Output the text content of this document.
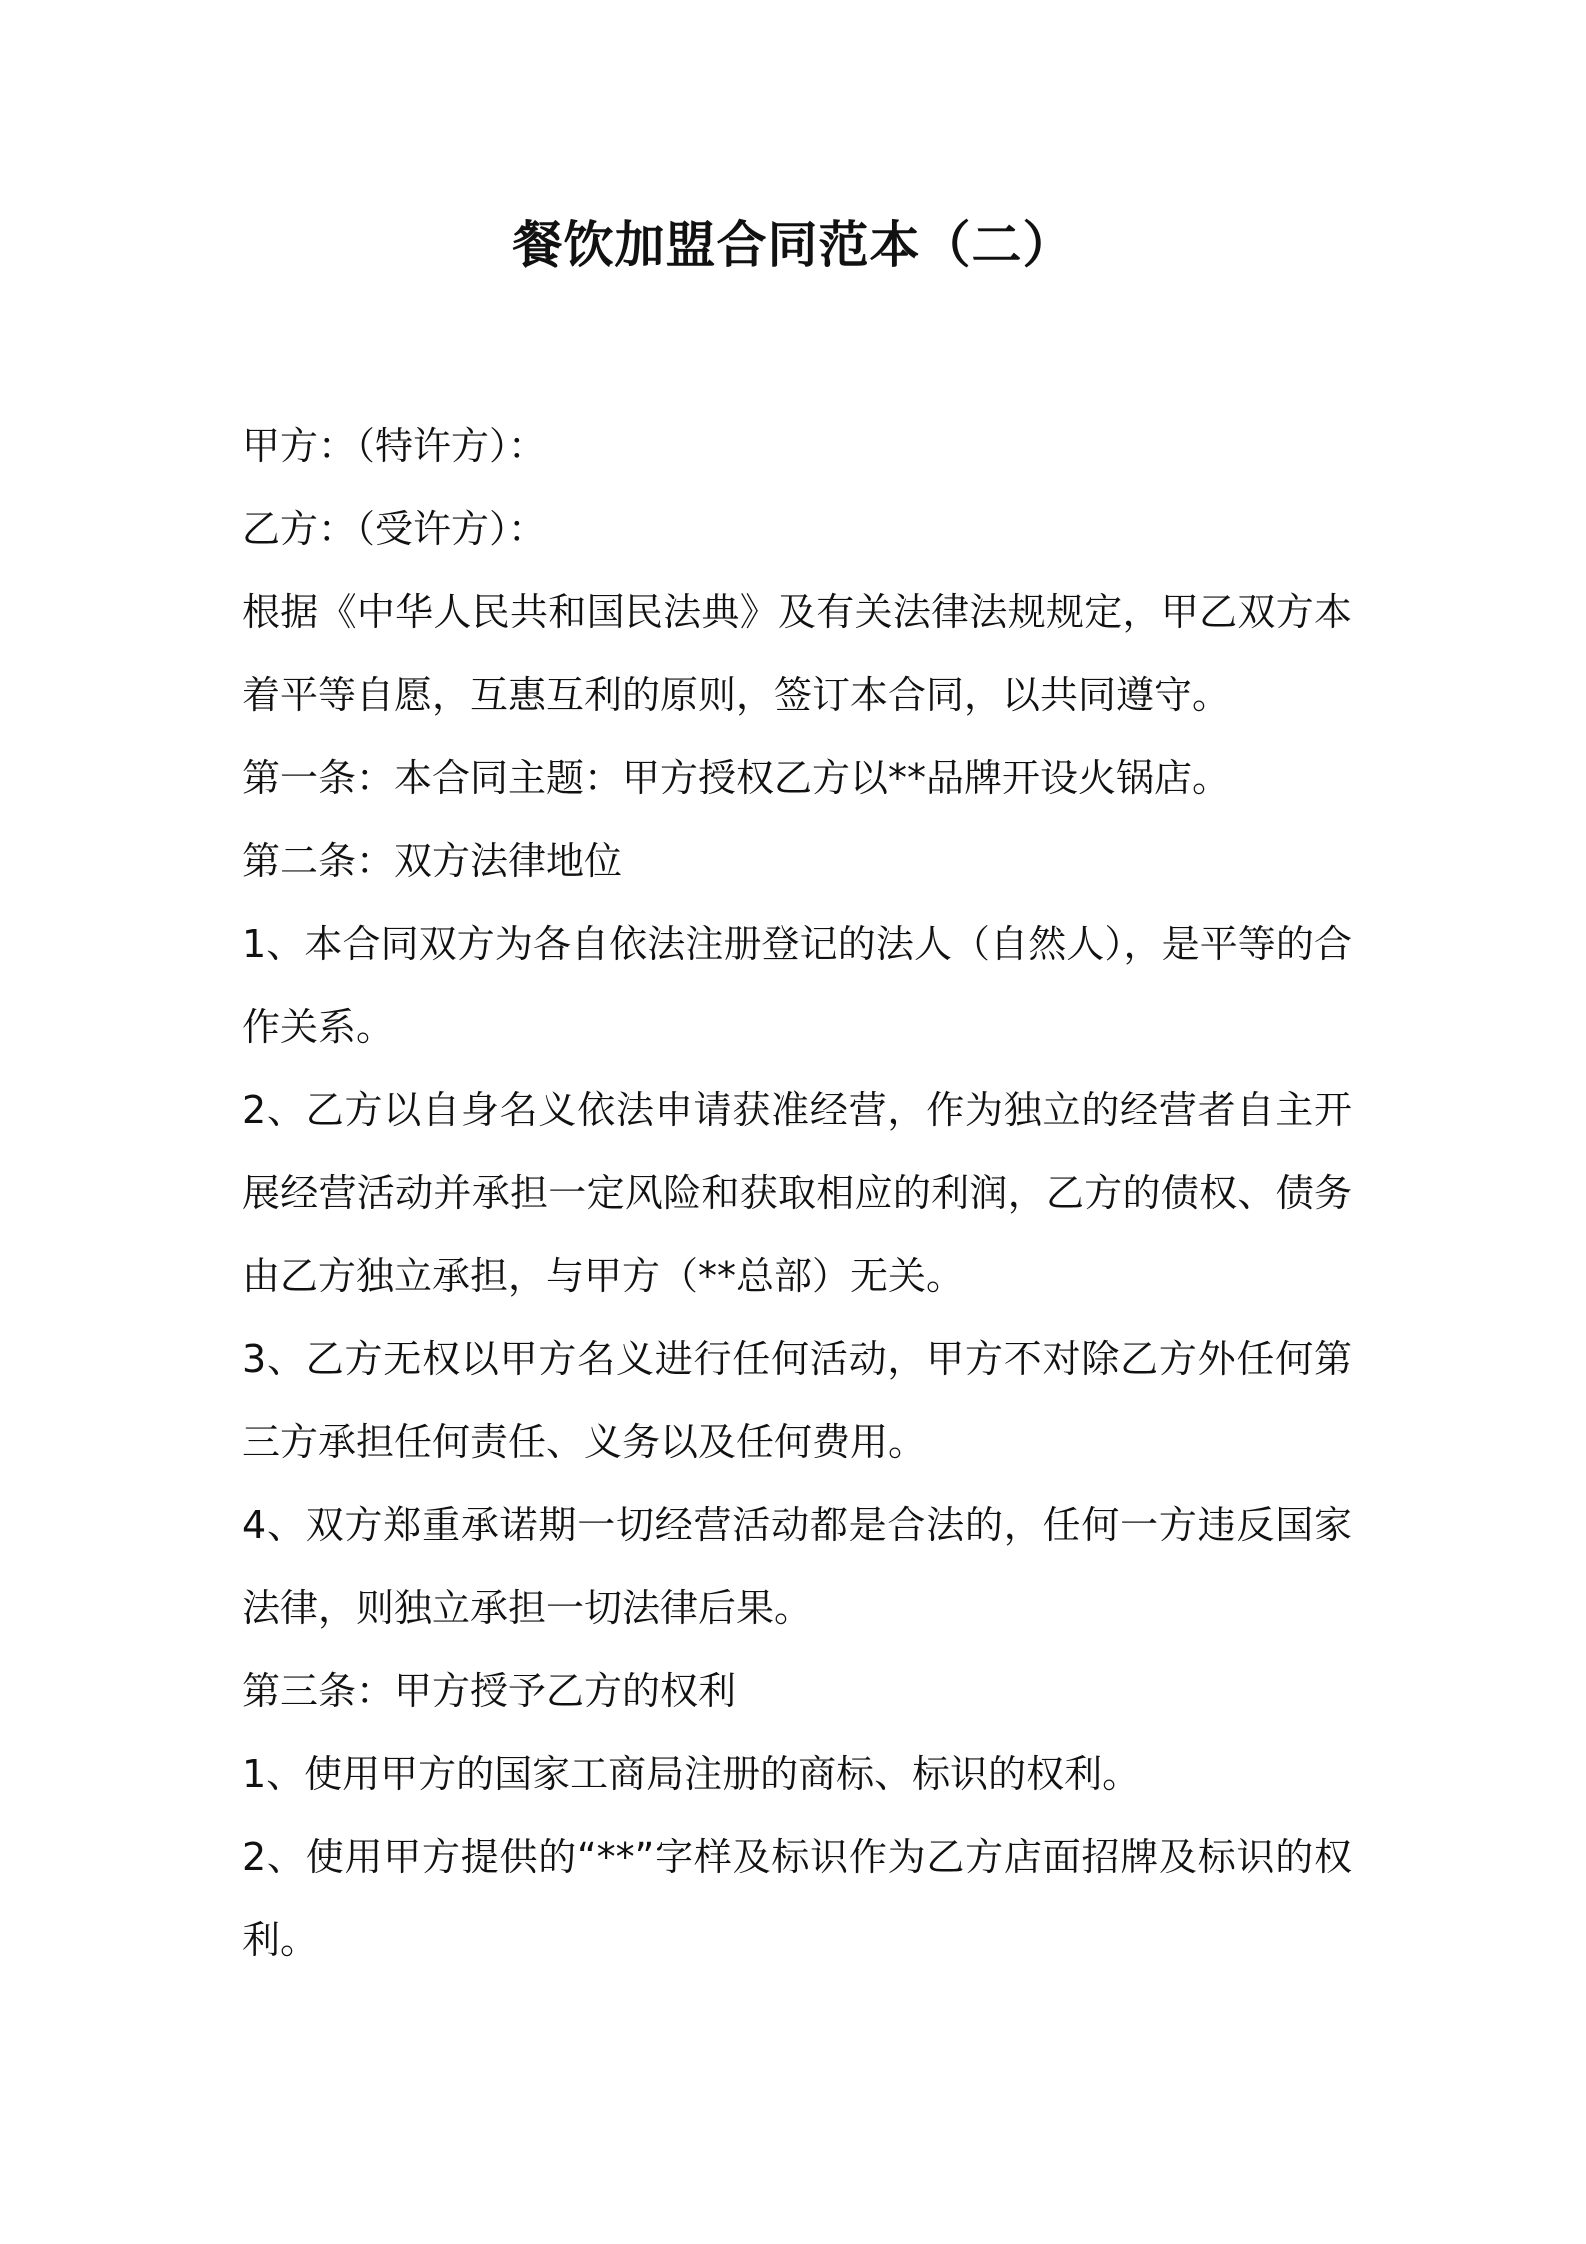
餐饮加盟合同范本（二）

甲方：（特许方）：

乙方：（受许方）：

根据《中华人民共和国民法典》及有关法律法规规定，甲乙双方本着平等自愿，互惠互利的原则，签订本合同，以共同遵守。

第一条：本合同主题：甲方授权乙方以**品牌开设火锅店。

第二条：双方法律地位

1、本合同双方为各自依法注册登记的法人（自然人），是平等的合作关系。

2、乙方以自身名义依法申请获准经营，作为独立的经营者自主开展经营活动并承担一定风险和获取相应的利润，乙方的债权、债务由乙方独立承担，与甲方（**总部）无关。

3、乙方无权以甲方名义进行任何活动，甲方不对除乙方外任何第三方承担任何责任、义务以及任何费用。

4、双方郑重承诺期一切经营活动都是合法的，任何一方违反国家法律，则独立承担一切法律后果。

第三条：甲方授予乙方的权利

1、使用甲方的国家工商局注册的商标、标识的权利。

2、使用甲方提供的“**”字样及标识作为乙方店面招牌及标识的权利。
